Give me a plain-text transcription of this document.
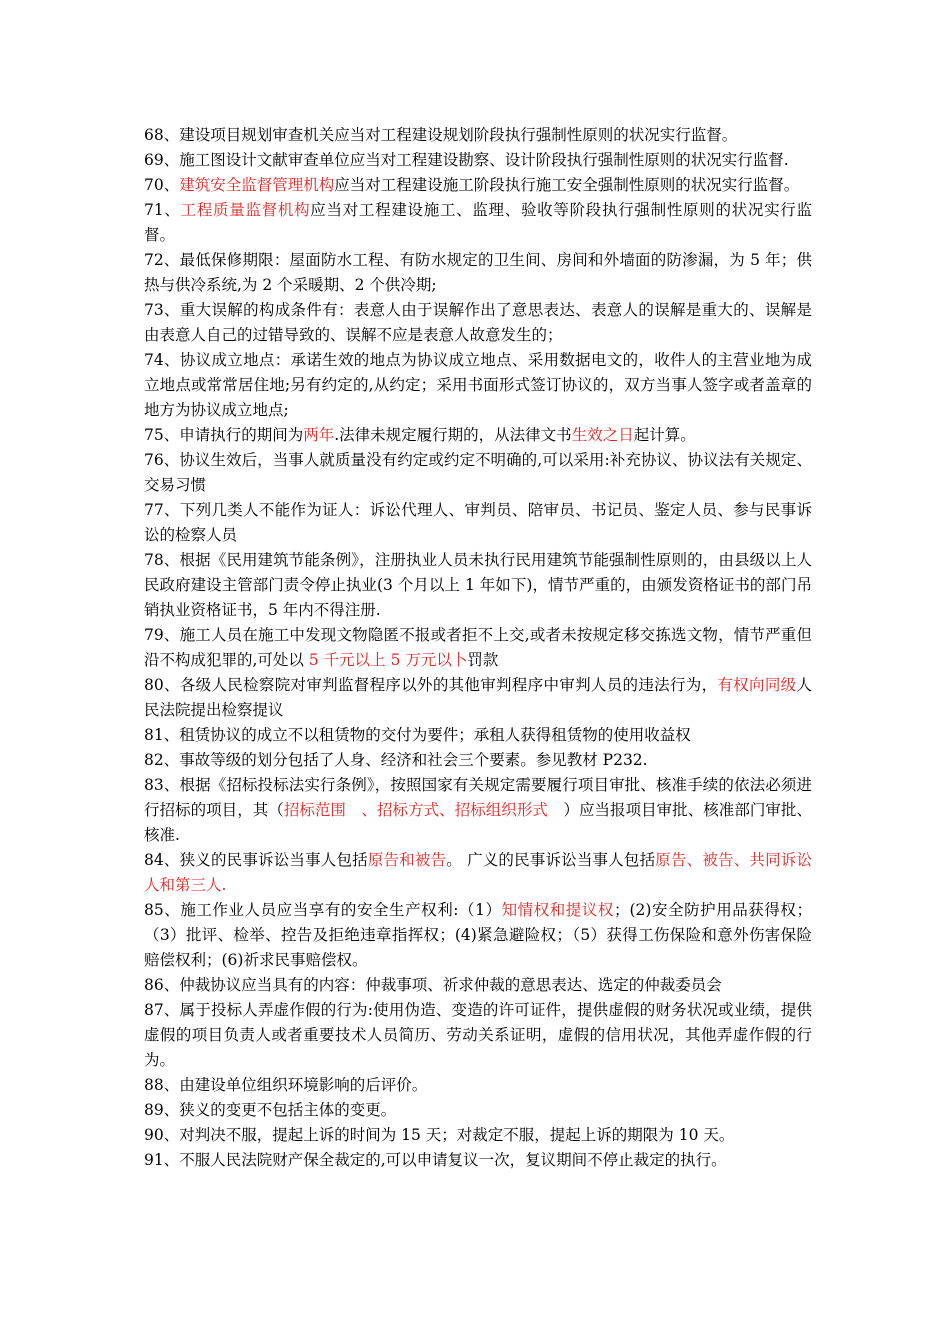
68、建设项目规划审查机关应当对工程建设规划阶段执行强制性原则的状况实行监督。

69、施工图设计文献审查单位应当对工程建设勘察、设计阶段执行强制性原则的状况实行监督.

70、建筑安全监督管理机构应当对工程建设施工阶段执行施工安全强制性原则的状况实行监督。

71、工程质量监督机构应当对工程建设施工、监理、验收等阶段执行强制性原则的状况实行监督。

72、最低保修期限：屋面防水工程、有防水规定的卫生间、房间和外墙面的防渗漏，为 5 年；供热与供冷系统,为 2 个采暖期、2 个供冷期;

73、重大误解的构成条件有：表意人由于误解作出了意思表达、表意人的误解是重大的、误解是由表意人自己的过错导致的、误解不应是表意人故意发生的；

74、协议成立地点：承诺生效的地点为协议成立地点、采用数据电文的，收件人的主营业地为成立地点或常常居住地;另有约定的,从约定；采用书面形式签订协议的，双方当事人签字或者盖章的地方为协议成立地点;

75、申请执行的期间为两年.法律未规定履行期的，从法律文书生效之日起计算。

76、协议生效后，当事人就质量没有约定或约定不明确的,可以采用:补充协议、协议法有关规定、交易习惯

77、下列几类人不能作为证人：诉讼代理人、审判员、陪审员、书记员、鉴定人员、参与民事诉讼的检察人员

78、根据《民用建筑节能条例》，注册执业人员未执行民用建筑节能强制性原则的，由县级以上人民政府建设主管部门责令停止执业(3 个月以上 1 年如下)，情节严重的，由颁发资格证书的部门吊销执业资格证书，5 年内不得注册.

79、施工人员在施工中发现文物隐匿不报或者拒不上交,或者未按规定移交拣选文物，情节严重但沿不构成犯罪的,可处以 5 千元以上 5 万元以卜罚款

80、各级人民检察院对审判监督程序以外的其他审判程序中审判人员的违法行为，有权向同级人民法院提出检察提议

81、租赁协议的成立不以租赁物的交付为要件；承租人获得租赁物的使用收益权

82、事故等级的划分包括了人身、经济和社会三个要素。参见教材 P232.

83、根据《招标投标法实行条例》，按照国家有关规定需要履行项目审批、核准手续的依法必须进行招标的项目，其（招标范围　、招标方式、招标组织形式　）应当报项目审批、核准部门审批、核准.

84、狭义的民事诉讼当事人包括原告和被告。 广义的民事诉讼当事人包括原告、被告、共同诉讼人和第三人.

85、施工作业人员应当享有的安全生产权利:（1）知情权和提议权；(2)安全防护用品获得权；（3）批评、检举、控告及拒绝违章指挥权；(4)紧急避险权；（5）获得工伤保险和意外伤害保险赔偿权利；(6)祈求民事赔偿权。

86、仲裁协议应当具有的内容：仲裁事项、祈求仲裁的意思表达、选定的仲裁委员会

87、属于投标人弄虚作假的行为:使用伪造、变造的许可证件，提供虚假的财务状况或业绩，提供虚假的项目负责人或者重要技术人员简历、劳动关系证明，虚假的信用状况，其他弄虚作假的行为。

88、由建设单位组织环境影响的后评价。

89、狭义的变更不包括主体的变更。

90、对判决不服，提起上诉的时间为 15 天；对裁定不服，提起上诉的期限为 10 天。

91、不服人民法院财产保全裁定的,可以申请复议一次，复议期间不停止裁定的执行。
